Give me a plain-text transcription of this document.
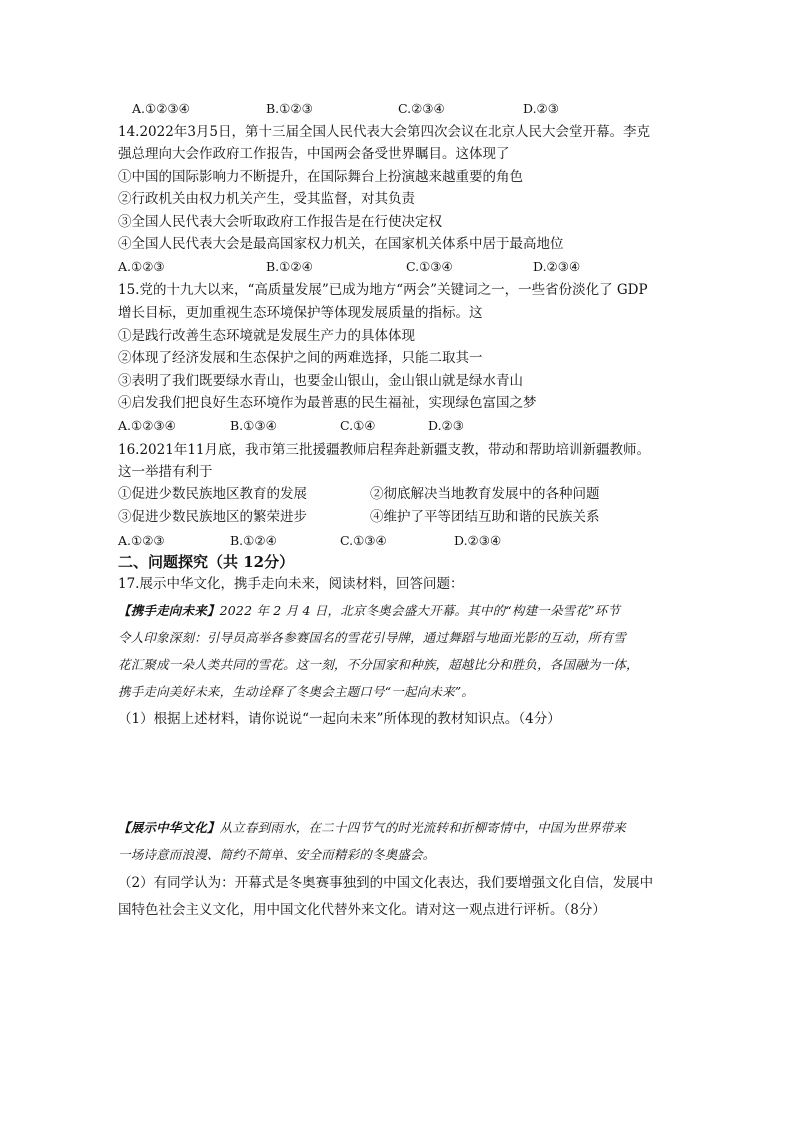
A.①②③④	B.①②③	C.②③④	D.②③
14.2022年3月5日，第十三届全国人民代表大会第四次会议在北京人民大会堂开幕。李克
强总理向大会作政府工作报告，中国两会备受世界瞩目。这体现了
①中国的国际影响力不断提升，在国际舞台上扮演越来越重要的角色
②行政机关由权力机关产生，受其监督，对其负责
③全国人民代表大会听取政府工作报告是在行使决定权
④全国人民代表大会是最高国家权力机关，在国家机关体系中居于最高地位
A.①②③	B.①②④	C.①③④	D.②③④
15.党的十九大以来，“高质量发展”已成为地方“两会”关键词之一，一些省份淡化了 GDP
增长目标，更加重视生态环境保护等体现发展质量的指标。这
①是践行改善生态环境就是发展生产力的具体体现
②体现了经济发展和生态保护之间的两难选择，只能二取其一
③表明了我们既要绿水青山，也要金山银山，金山银山就是绿水青山
④启发我们把良好生态环境作为最普惠的民生福祉，实现绿色富国之梦
A.①②③④	B.①③④	C.①④	D.②③
16.2021年11月底，我市第三批援疆教师启程奔赴新疆支教，带动和帮助培训新疆教师。
这一举措有利于
①促进少数民族地区教育的发展	②彻底解决当地教育发展中的各种问题
③促进少数民族地区的繁荣进步	④维护了平等团结互助和谐的民族关系
A.①②③	B.①②④	C.①③④	D.②③④
二、问题探究（共 12分）
17.展示中华文化，携手走向未来，阅读材料，回答问题：
【携手走向未来】2022 年 2 月 4 日，北京冬奥会盛大开幕。其中的“构建一朵雪花”环节
令人印象深刻：引导员高举各参赛国名的雪花引导牌，通过舞蹈与地面光影的互动，所有雪
花汇聚成一朵人类共同的雪花。这一刻，不分国家和种族，超越比分和胜负，各国融为一体，
携手走向美好未来，生动诠释了冬奥会主题口号“一起向未来”。
（1）根据上述材料，请你说说“一起向未来”所体现的教材知识点。（4分）
【展示中华文化】从立春到雨水，在二十四节气的时光流转和折柳寄情中，中国为世界带来
一场诗意而浪漫、简约不简单、安全而精彩的冬奥盛会。
（2）有同学认为：开幕式是冬奥赛事独到的中国文化表达，我们要增强文化自信，发展中
国特色社会主义文化，用中国文化代替外来文化。请对这一观点进行评析。（8分）
